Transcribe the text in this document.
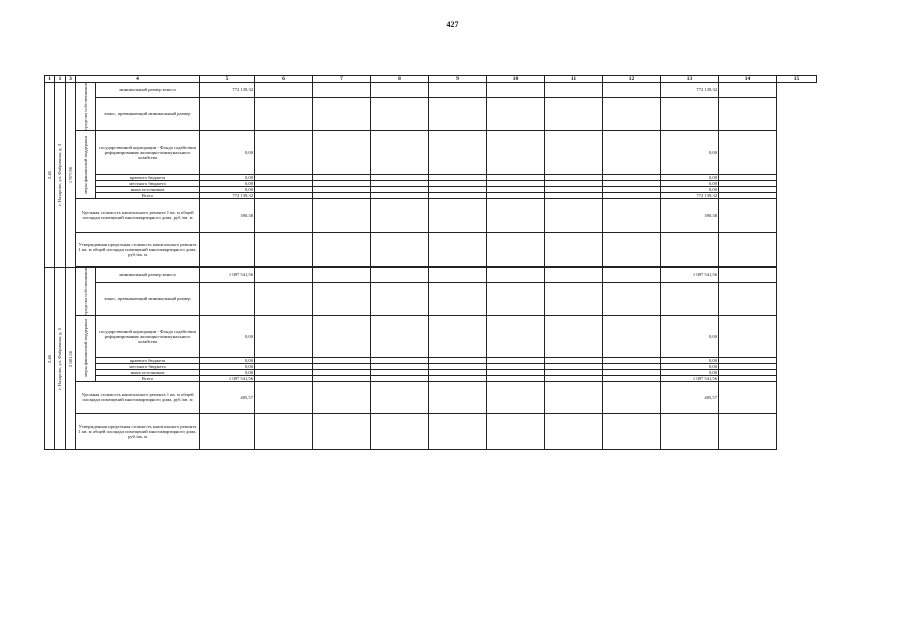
427
1	1	3	4		5	6	7	8	9	10	11	12	13	14	15

2.45	г. Назарово, ул. Фабричная, д. 3	1 977,90	средства собственников	минимальный размер взноса	772 139,32								772 139,32		
				взнос, превышающий минимальный размер											

			меры финансовой поддержки	государственной корпорации - Фонда содействия реформированию жилищно-коммунального хозяйства	0,00								0,00		
				краевого бюджета	0,00								0,00		
				местного бюджета	0,00								0,00		
				иных источников	0,00								0,00		
				Всего	772 139,32								772 139,32		
			Удельная стоимость капитального ремонта 1 кв. м общей площади помещений многоквартирного дома, руб./кв. м		390,38								390,38		
			Утвержденная предельная стоимость капитального ремонта 1 кв. м общей площади помещений многоквартирного дома, руб./кв. м												

2.46	г. Назарово, ул. Фабричная, д. 5	2 681,50	средства собственников	минимальный размер взноса	1 087 541,56								1 087 541,56		
				взнос, превышающий минимальный размер											

			меры финансовой поддержки	государственной корпорации - Фонда содействия реформированию жилищно-коммунального хозяйства	0,00								0,00		
				краевого бюджета	0,00								0,00		
				местного бюджета	0,00								0,00		
				иных источников	0,00								0,00		
				Всего	1 087 541,56								1 087 541,56		
			Удельная стоимость капитального ремонта 1 кв. м общей площади помещений многоквартирного дома, руб./кв. м		405,57								405,57		
			Утвержденная предельная стоимость капитального ремонта 1 кв. м общей площади помещений многоквартирного дома, руб./кв. м												
